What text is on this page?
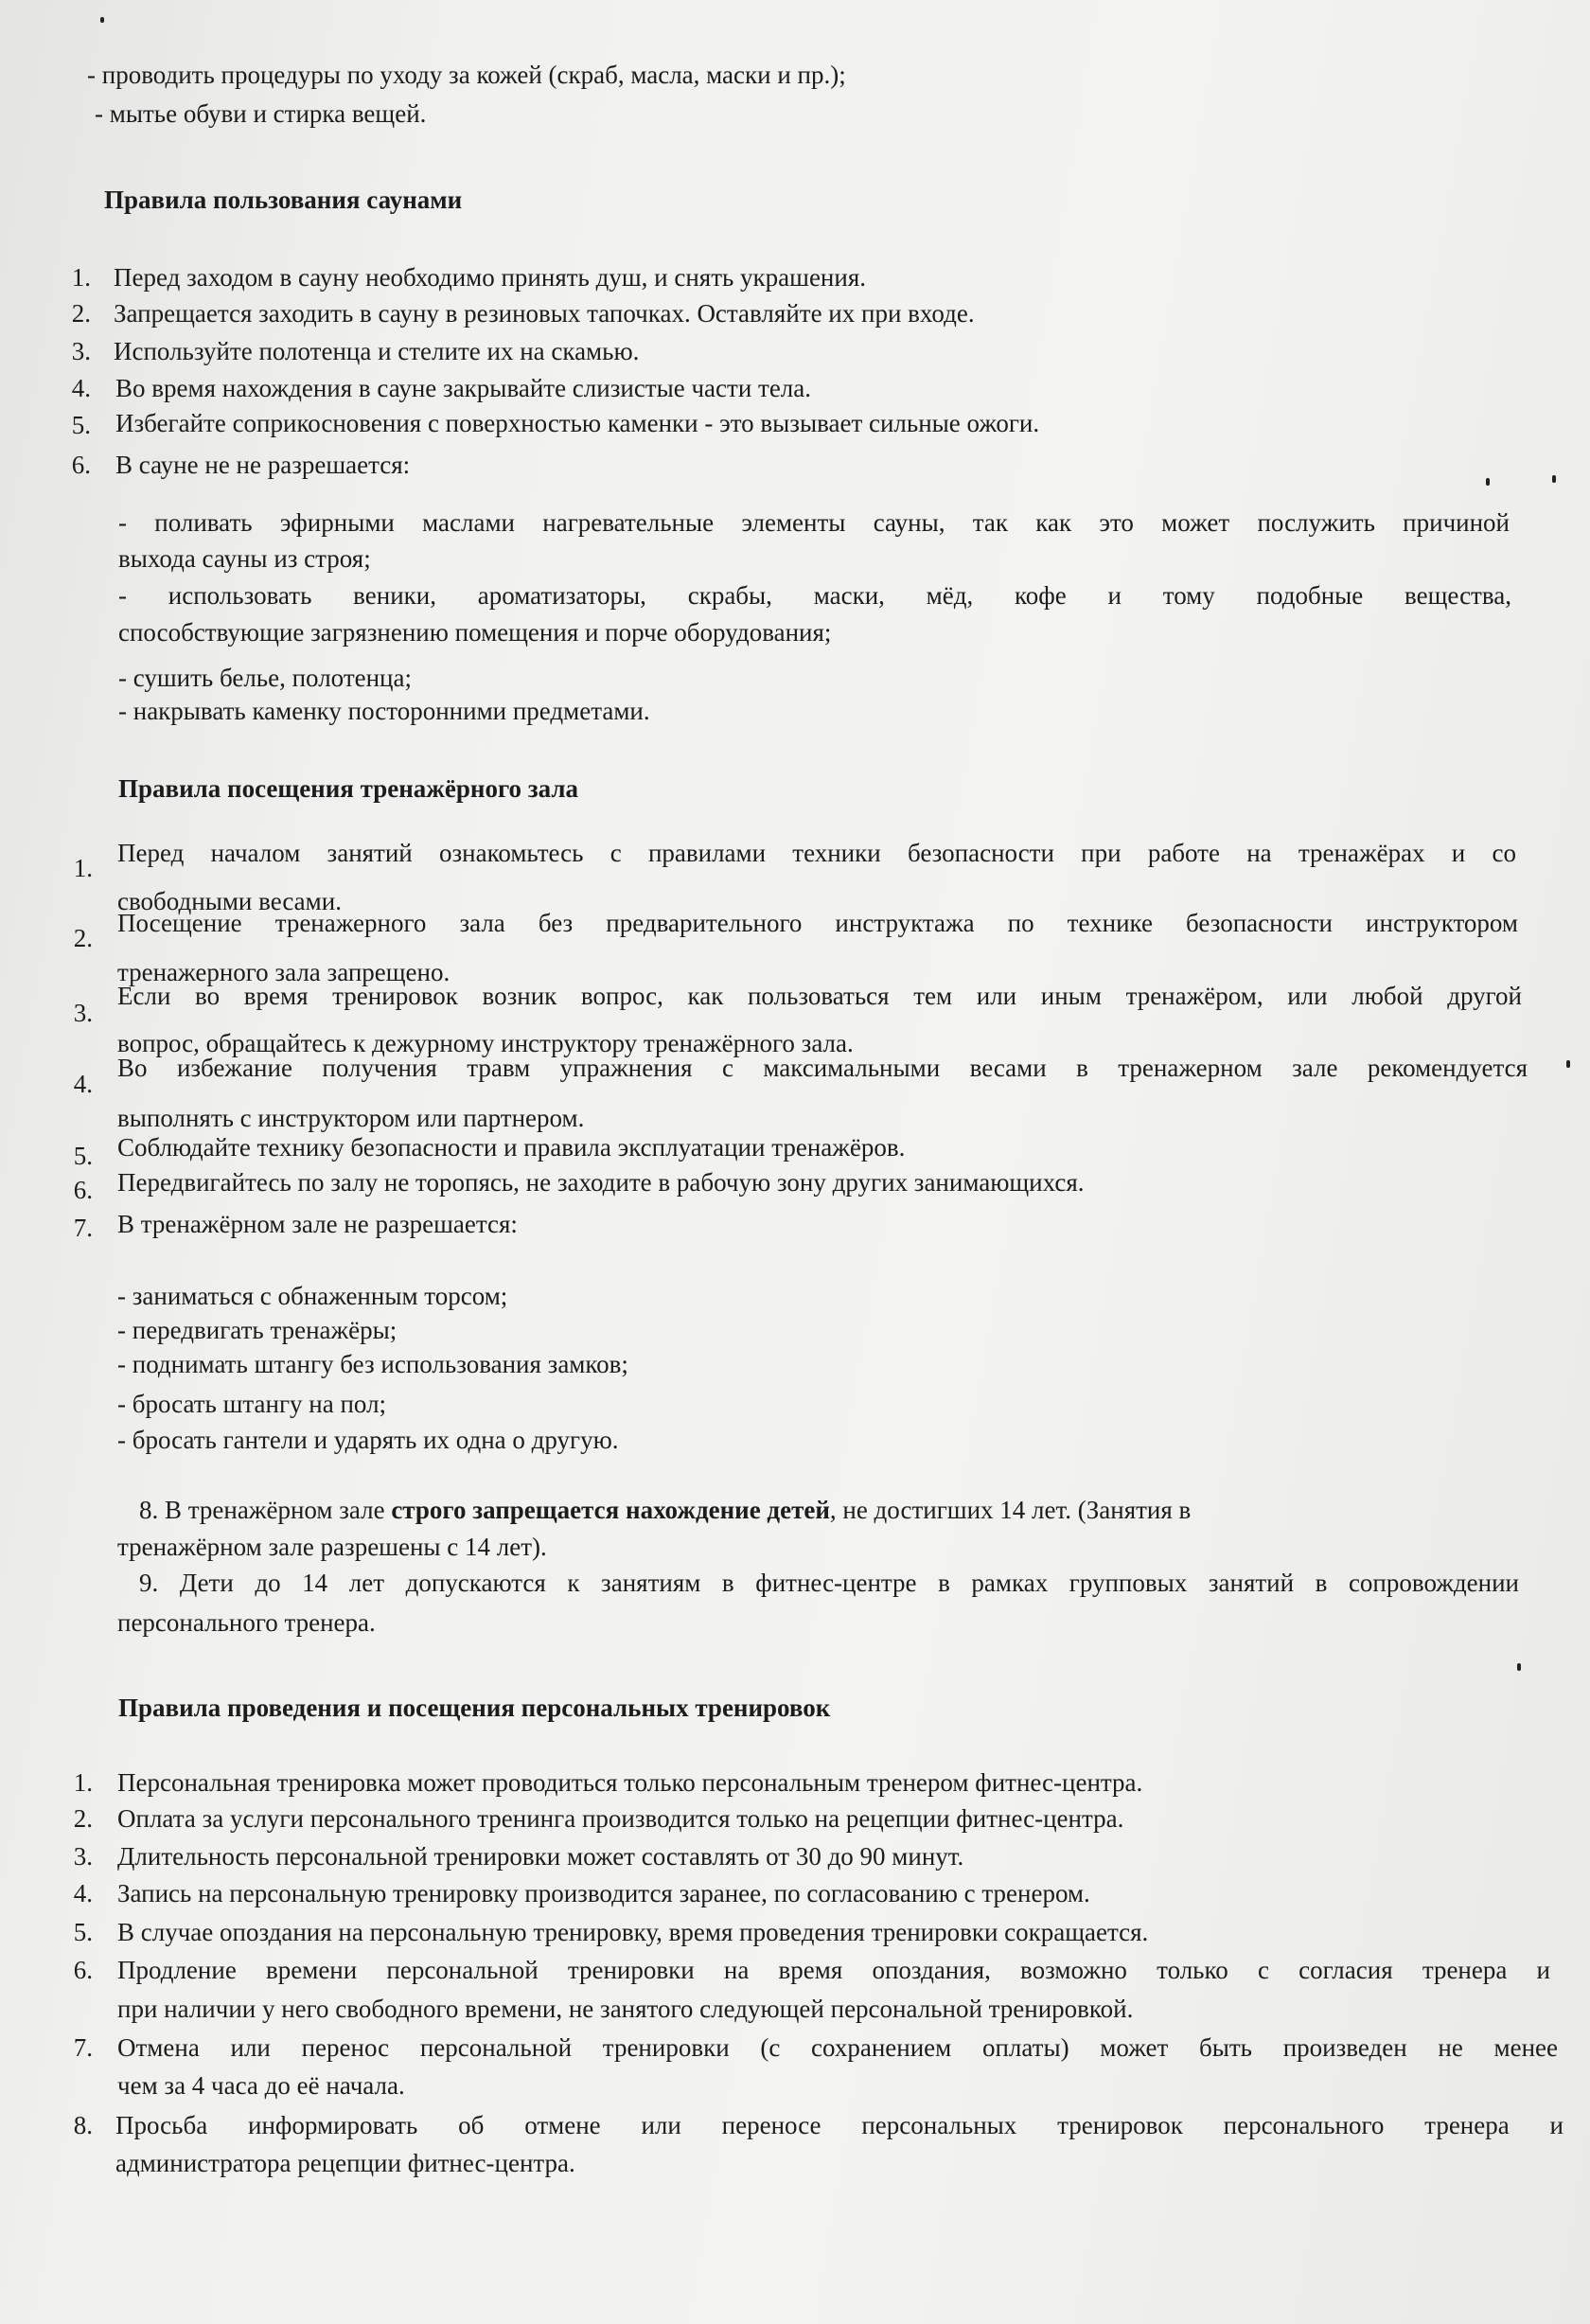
- проводить процедуры по уходу за кожей (скраб, масла, маски и пр.);
- мытье обуви и стирка вещей.
Правила пользования саунами
1. Перед заходом в сауну необходимо принять душ, и снять украшения.
2. Запрещается заходить в сауну в резиновых тапочках. Оставляйте их при входе.
3. Используйте полотенца и стелите их на скамью.
4. Во время нахождения в сауне закрывайте слизистые части тела.
5. Избегайте соприкосновения с поверхностью каменки - это вызывает сильные ожоги.
6. В сауне не не разрешается:
- поливать эфирными маслами нагревательные элементы сауны, так как это может послужить причиной
выхода сауны из строя;
- использовать веники, ароматизаторы, скрабы, маски, мёд, кофе и тому подобные вещества,
способствующие загрязнению помещения и порче оборудования;
- сушить белье, полотенца;
- накрывать каменку посторонними предметами.
Правила посещения тренажёрного зала
1.
Перед началом занятий ознакомьтесь с правилами техники безопасности при работе на тренажёрах и со
свободными весами.
2.
Посещение тренажерного зала без предварительного инструктажа по технике безопасности инструктором
тренажерного зала запрещено.
3.
Если во время тренировок возник вопрос, как пользоваться тем или иным тренажёром, или любой другой
вопрос, обращайтесь к дежурному инструктору тренажёрного зала.
4.
Во избежание получения травм упражнения с максимальными весами в тренажерном зале рекомендуется
выполнять с инструктором или партнером.
5. Соблюдайте технику безопасности и правила эксплуатации тренажёров.
6. Передвигайтесь по залу не торопясь, не заходите в рабочую зону других занимающихся.
7. В тренажёрном зале не разрешается:
- заниматься с обнаженным торсом;
- передвигать тренажёры;
- поднимать штангу без использования замков;
- бросать штангу на пол;
- бросать гантели и ударять их одна о другую.
8. В тренажёрном зале строго запрещается нахождение детей, не достигших 14 лет. (Занятия в
тренажёрном зале разрешены с 14 лет).
9. Дети до 14 лет допускаются к занятиям в фитнес-центре в рамках групповых занятий в сопровождении
персонального тренера.
Правила проведения и посещения персональных тренировок
1. Персональная тренировка может проводиться только персональным тренером фитнес-центра.
2. Оплата за услуги персонального тренинга производится только на рецепции фитнес-центра.
3. Длительность персональной тренировки может составлять от 30 до 90 минут.
4. Запись на персональную тренировку производится заранее, по согласованию с тренером.
5. В случае опоздания на персональную тренировку, время проведения тренировки сокращается.
6. Продление времени персональной тренировки на время опоздания, возможно только с согласия тренера и
при наличии у него свободного времени, не занятого следующей персональной тренировкой.
7. Отмена или перенос персональной тренировки (с сохранением оплаты) может быть произведен не менее
чем за 4 часа до её начала.
8. Просьба информировать об отмене или переносе персональных тренировок персонального тренера и
администратора рецепции фитнес-центра.
